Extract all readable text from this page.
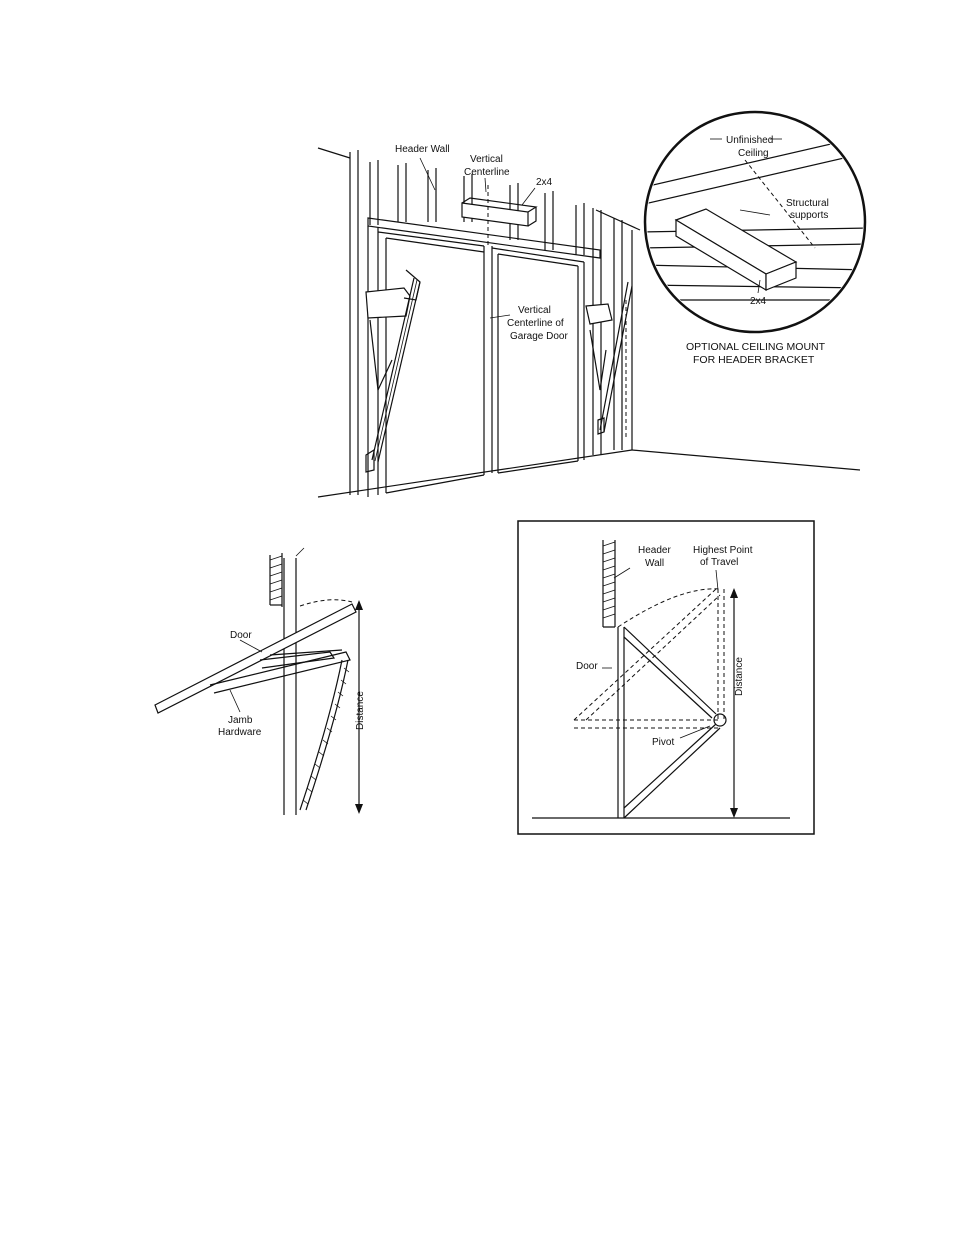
Header Wall
Vertical
Centerline
2x4
Vertical
Centerline of
Garage Door
Unfinished
Ceiling
Structural
supports
2x4
OPTIONAL CEILING MOUNT
FOR HEADER BRACKET
Door
Jamb
Hardware
Distance
Header
Wall
Highest Point
of Travel
Door
Pivot
Distance
